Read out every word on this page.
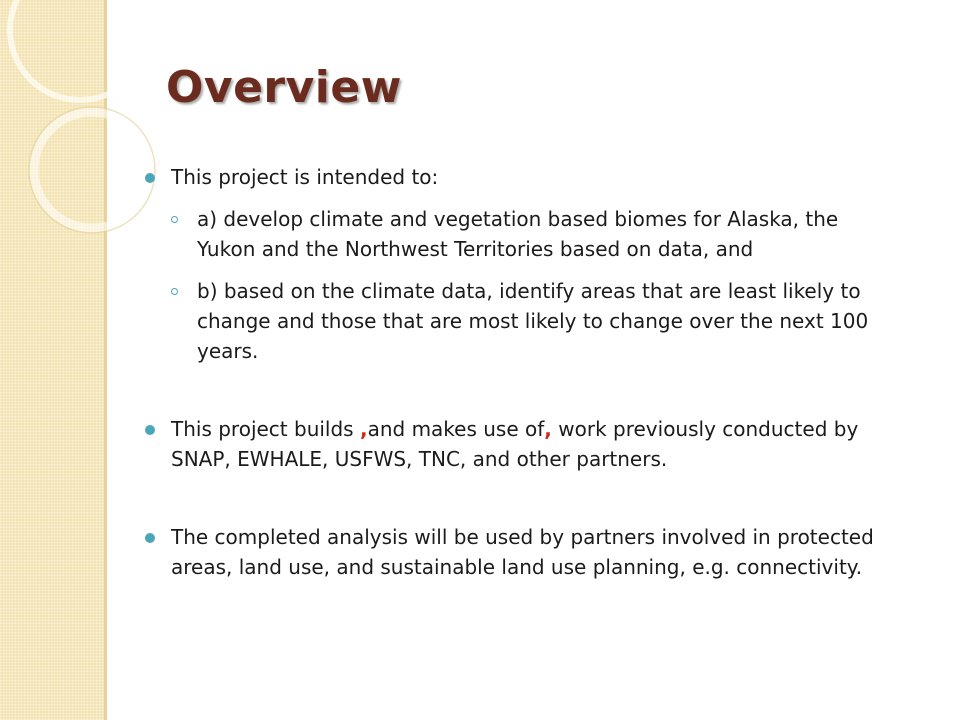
Overview
This project is intended to:
a) develop climate and vegetation based biomes for Alaska, the Yukon and the Northwest Territories based on data, and
b) based on the climate data, identify areas that are least likely to change and those that are most likely to change over the next 100 years.
This project builds ,and makes use of, work previously conducted by SNAP, EWHALE, USFWS, TNC, and other partners.
The completed analysis will be used by partners involved in protected areas, land use, and sustainable land use planning, e.g. connectivity.
